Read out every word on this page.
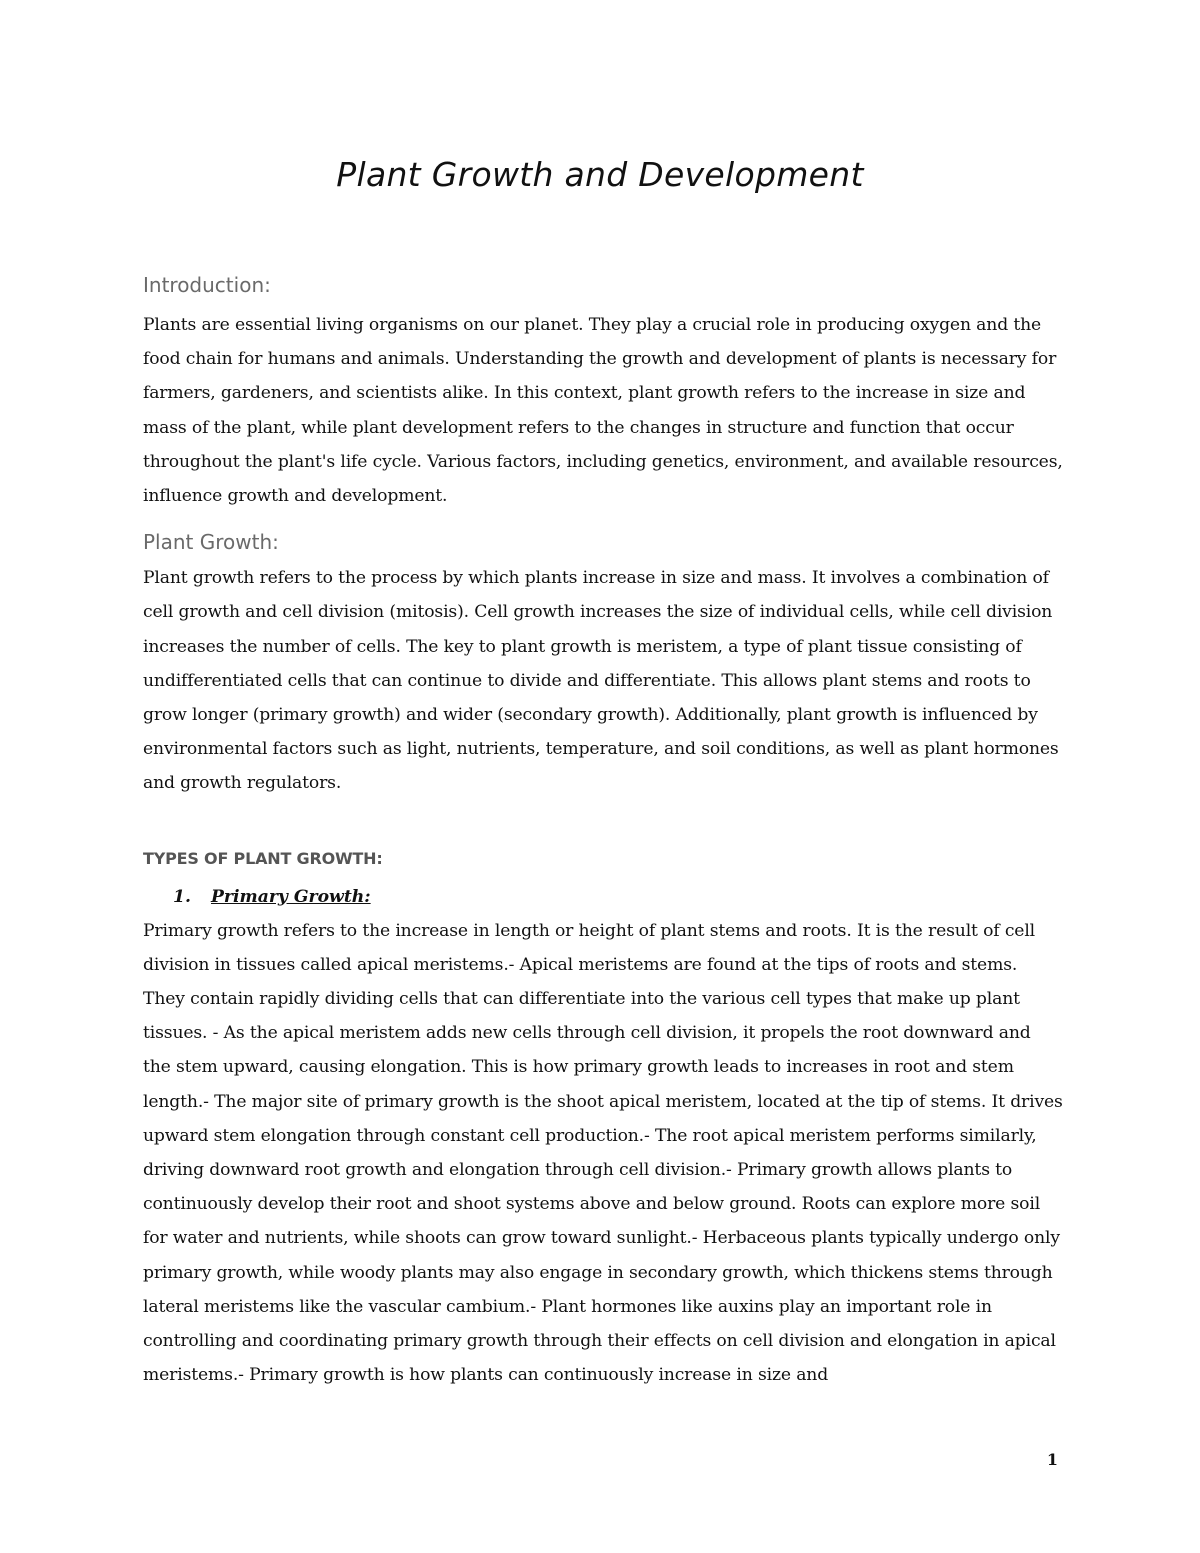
Plant Growth and Development
Introduction:

Plants are essential living organisms on our planet. They play a crucial role in producing oxygen and the food chain for humans and animals. Understanding the growth and development of plants is necessary for farmers, gardeners, and scientists alike. In this context, plant growth refers to the increase in size and mass of the plant, while plant development refers to the changes in structure and function that occur throughout the plant's life cycle. Various factors, including genetics, environment, and available resources, influence growth and development.

Plant Growth:

Plant growth refers to the process by which plants increase in size and mass. It involves a combination of cell growth and cell division (mitosis). Cell growth increases the size of individual cells, while cell division increases the number of cells. The key to plant growth is meristem, a type of plant tissue consisting of undifferentiated cells that can continue to divide and differentiate. This allows plant stems and roots to grow longer (primary growth) and wider (secondary growth). Additionally, plant growth is influenced by environmental factors such as light, nutrients, temperature, and soil conditions, as well as plant hormones and growth regulators.

TYPES OF PLANT GROWTH:
1. Primary Growth:

Primary growth refers to the increase in length or height of plant stems and roots. It is the result of cell division in tissues called apical meristems.- Apical meristems are found at the tips of roots and stems. They contain rapidly dividing cells that can differentiate into the various cell types that make up plant tissues. - As the apical meristem adds new cells through cell division, it propels the root downward and the stem upward, causing elongation. This is how primary growth leads to increases in root and stem length.- The major site of primary growth is the shoot apical meristem, located at the tip of stems. It drives upward stem elongation through constant cell production.- The root apical meristem performs similarly, driving downward root growth and elongation through cell division.- Primary growth allows plants to continuously develop their root and shoot systems above and below ground. Roots can explore more soil for water and nutrients, while shoots can grow toward sunlight.- Herbaceous plants typically undergo only primary growth, while woody plants may also engage in secondary growth, which thickens stems through lateral meristems like the vascular cambium.- Plant hormones like auxins play an important role in controlling and coordinating primary growth through their effects on cell division and elongation in apical meristems.- Primary growth is how plants can continuously increase in size and

1
